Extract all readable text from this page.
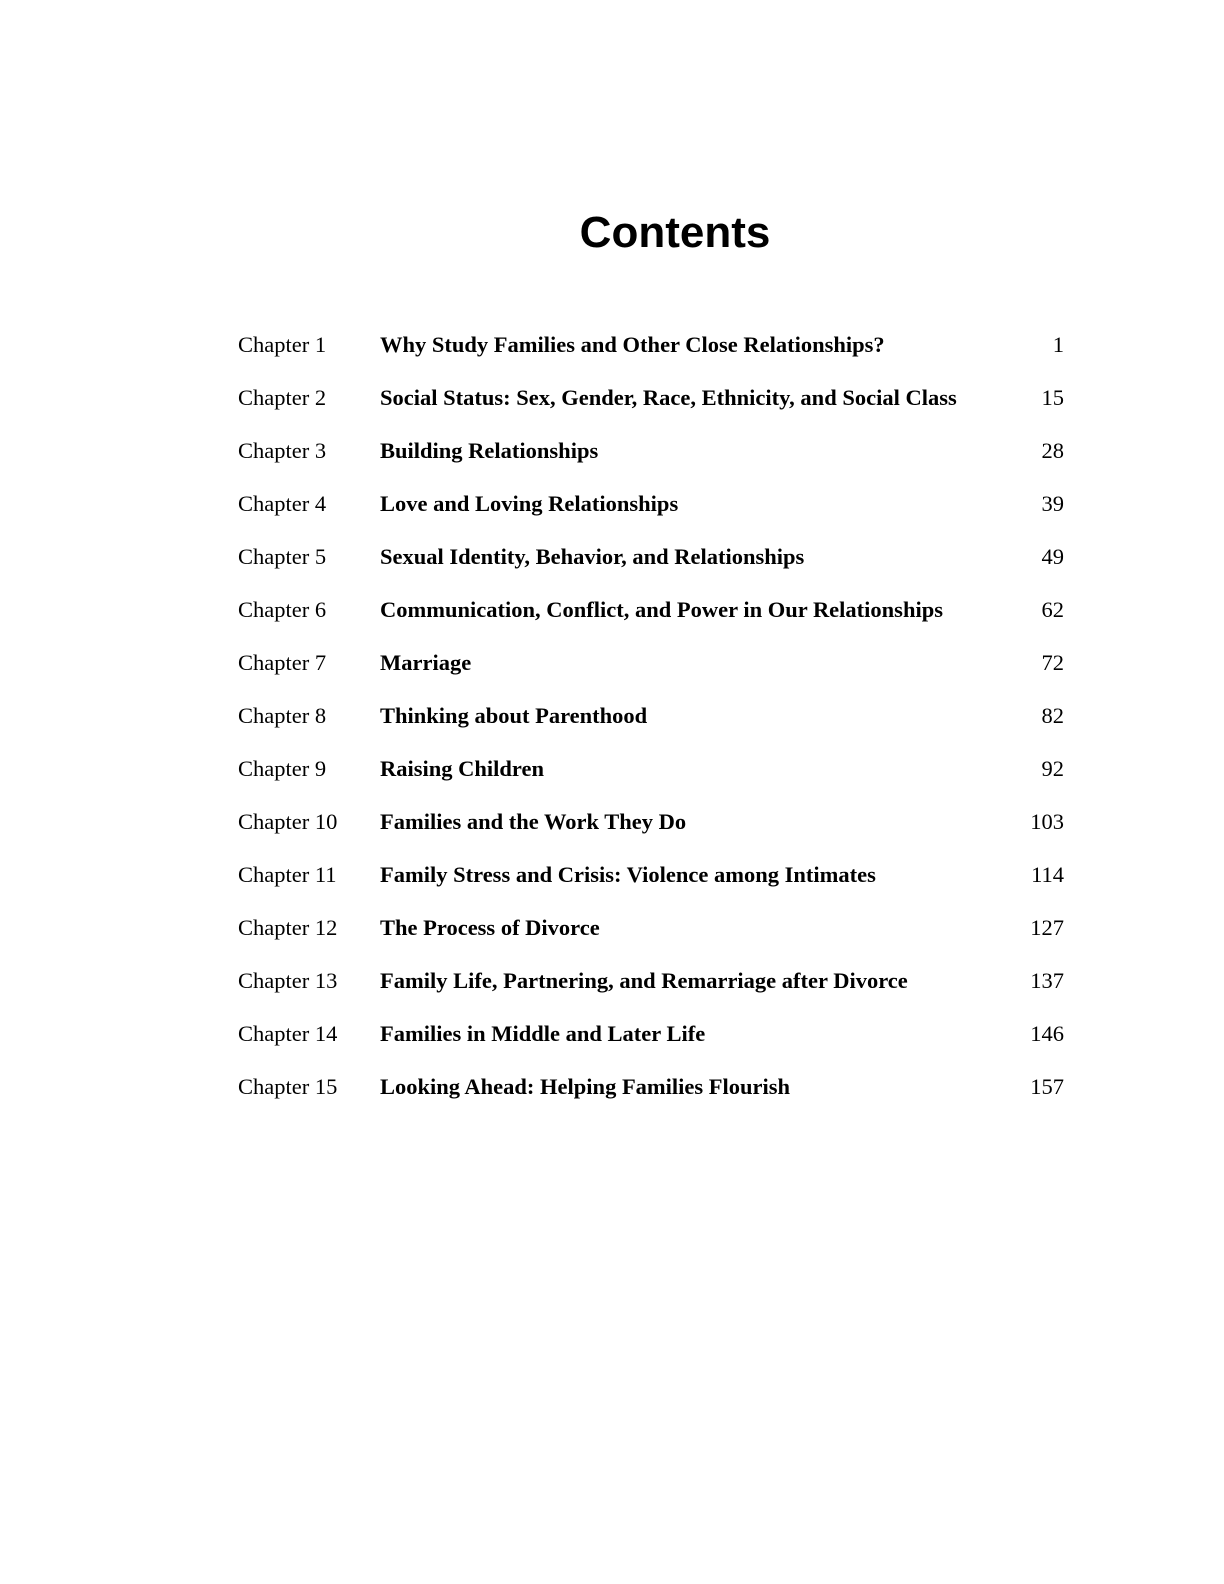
Contents
Chapter 1 Why Study Families and Other Close Relationships?	1
Chapter 2 Social Status: Sex, Gender, Race, Ethnicity, and Social Class	15
Chapter 3 Building Relationships	28
Chapter 4 Love and Loving Relationships	39
Chapter 5 Sexual Identity, Behavior, and Relationships	49
Chapter 6 Communication, Conflict, and Power in Our Relationships	62
Chapter 7 Marriage	72
Chapter 8 Thinking about Parenthood	82
Chapter 9 Raising Children	92
Chapter 10 Families and the Work They Do	103
Chapter 11 Family Stress and Crisis: Violence among Intimates	114
Chapter 12 The Process of Divorce	127
Chapter 13 Family Life, Partnering, and Remarriage after Divorce	137
Chapter 14 Families in Middle and Later Life	146
Chapter 15 Looking Ahead: Helping Families Flourish	157
